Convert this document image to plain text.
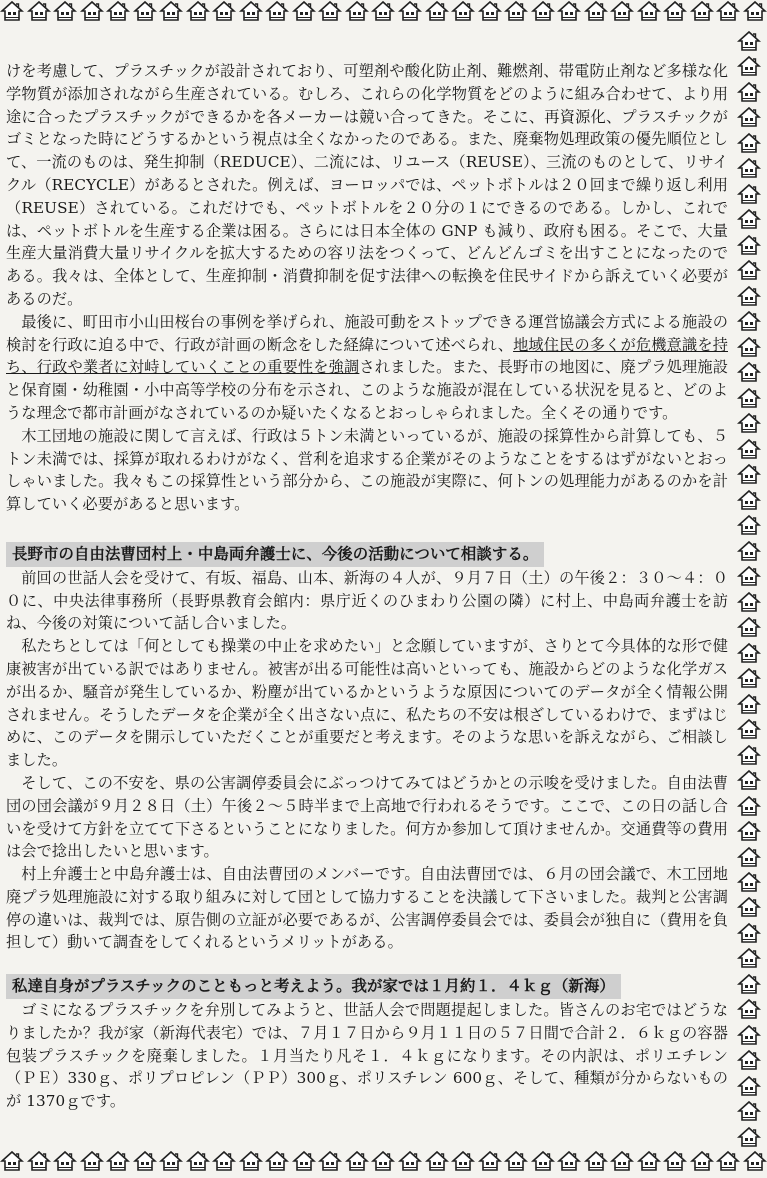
けを考慮して、プラスチックが設計されており、可塑剤や酸化防止剤、難燃剤、帯電防止剤など多様な化学物質が添加されながら生産されている。むしろ、これらの化学物質をどのように組み合わせて、より用途に合ったプラスチックができるかを各メーカーは競い合ってきた。そこに、再資源化、プラスチックがゴミとなった時にどうするかという視点は全くなかったのである。また、廃棄物処理政策の優先順位として、一流のものは、発生抑制（REDUCE）、二流には、リユース（REUSE）、三流のものとして、リサイクル（RECYCLE）があるとされた。例えば、ヨーロッパでは、ペットボトルは２０回まで繰り返し利用（REUSE）されている。これだけでも、ペットボトルを２０分の１にできるのである。しかし、これでは、ペットボトルを生産する企業は困る。さらには日本全体の GNP も減り、政府も困る。そこで、大量生産大量消費大量リサイクルを拡大するための容リ法をつくって、どんどんゴミを出すことになったのである。我々は、全体として、生産抑制・消費抑制を促す法律への転換を住民サイドから訴えていく必要があるのだ。

最後に、町田市小山田桜台の事例を挙げられ、施設可動をストップできる運営協議会方式による施設の検討を行政に迫る中で、行政が計画の断念をした経緯について述べられ、地域住民の多くが危機意識を持ち、行政や業者に対峙していくことの重要性を強調されました。また、長野市の地図に、廃プラ処理施設と保育園・幼稚園・小中高等学校の分布を示され、このような施設が混在している状況を見ると、どのような理念で都市計画がなされているのか疑いたくなるとおっしゃられました。全くその通りです。

木工団地の施設に関して言えば、行政は５トン未満といっているが、施設の採算性から計算しても、５トン未満では、採算が取れるわけがなく、営利を追求する企業がそのようなことをするはずがないとおっしゃいました。我々もこの採算性という部分から、この施設が実際に、何トンの処理能力があるのかを計算していく必要があると思います。

長野市の自由法曹団村上・中島両弁護士に、今後の活動について相談する。

前回の世話人会を受けて、有坂、福島、山本、新海の４人が、９月７日（土）の午後２：３０～４：００に、中央法律事務所（長野県教育会館内：県庁近くのひまわり公園の隣）に村上、中島両弁護士を訪ね、今後の対策について話し合いました。

私たちとしては「何としても操業の中止を求めたい」と念願していますが、さりとて今具体的な形で健康被害が出ている訳ではありません。被害が出る可能性は高いといっても、施設からどのような化学ガスが出るか、騒音が発生しているか、粉塵が出ているかというような原因についてのデータが全く情報公開されません。そうしたデータを企業が全く出さない点に、私たちの不安は根ざしているわけで、まずはじめに、このデータを開示していただくことが重要だと考えます。そのような思いを訴えながら、ご相談しました。

そして、この不安を、県の公害調停委員会にぶっつけてみてはどうかとの示唆を受けました。自由法曹団の団会議が９月２８日（土）午後２～５時半まで上高地で行われるそうです。ここで、この日の話し合いを受けて方針を立てて下さるということになりました。何方か参加して頂けませんか。交通費等の費用は会で捻出したいと思います。

村上弁護士と中島弁護士は、自由法曹団のメンバーです。自由法曹団では、６月の団会議で、木工団地廃プラ処理施設に対する取り組みに対して団として協力することを決議して下さいました。裁判と公害調停の違いは、裁判では、原告側の立証が必要であるが、公害調停委員会では、委員会が独自に（費用を負担して）動いて調査をしてくれるというメリットがある。

私達自身がプラスチックのこともっと考えよう。我が家では１月約１．４ｋｇ（新海）

ゴミになるプラスチックを弁別してみようと、世話人会で問題提起しました。皆さんのお宅ではどうなりましたか？我が家（新海代表宅）では、７月１７日から９月１１日の５７日間で合計２．６ｋｇの容器包装プラスチックを廃棄しました。１月当たり凡そ１．４ｋｇになります。その内訳は、ポリエチレン（ＰＥ）330ｇ、ポリプロピレン（ＰＰ）300ｇ、ポリスチレン 600ｇ、そして、種類が分からないものが 1370ｇです。
